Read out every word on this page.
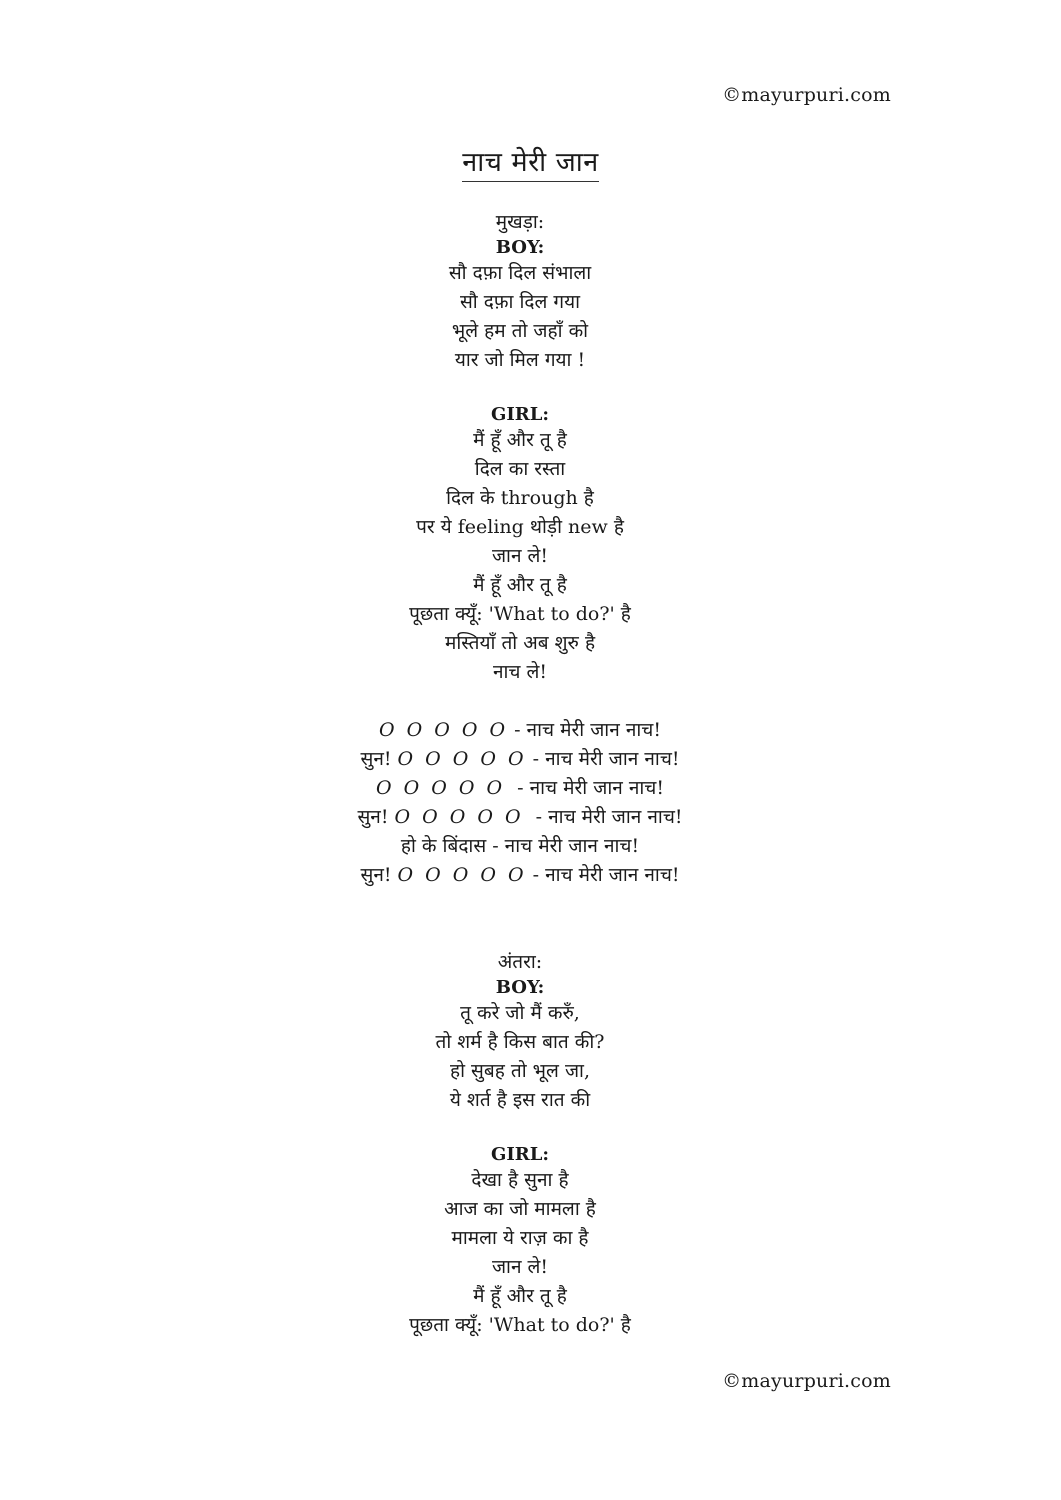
©mayurpuri.com
नाच मेरी जान
मुखड़ा:
BOY:
सौ दफ़ा दिल संभाला
सौ दफ़ा दिल गया
भूले हम तो जहाँ को
यार जो मिल गया !
GIRL:
मैं हूँ और तू है
दिल का रस्ता
दिल के through है
पर ये feeling थोड़ी new है
जान ले!
मैं हूँ और तू है
पूछता क्यूँ: 'What to do?' है
मस्तियाँ तो अब शुरु है
नाच ले!
O O O O O - नाच मेरी जान नाच!
सुन! O O O O O - नाच मेरी जान नाच!
O O O O O  - नाच मेरी जान नाच!
सुन! O O O O O  - नाच मेरी जान नाच!
हो के बिंदास - नाच मेरी जान नाच!
सुन! O O O O O - नाच मेरी जान नाच!
अंतरा:
BOY:
तू करे जो मैं करुँ,
तो शर्म है किस बात की?
हो सुबह तो भूल जा,
ये शर्त है इस रात की
GIRL:
देखा है सुना है
आज का जो मामला है
मामला ये राज़ का है
जान ले!
मैं हूँ और तू है
पूछता क्यूँ: 'What to do?' है
©mayurpuri.com
